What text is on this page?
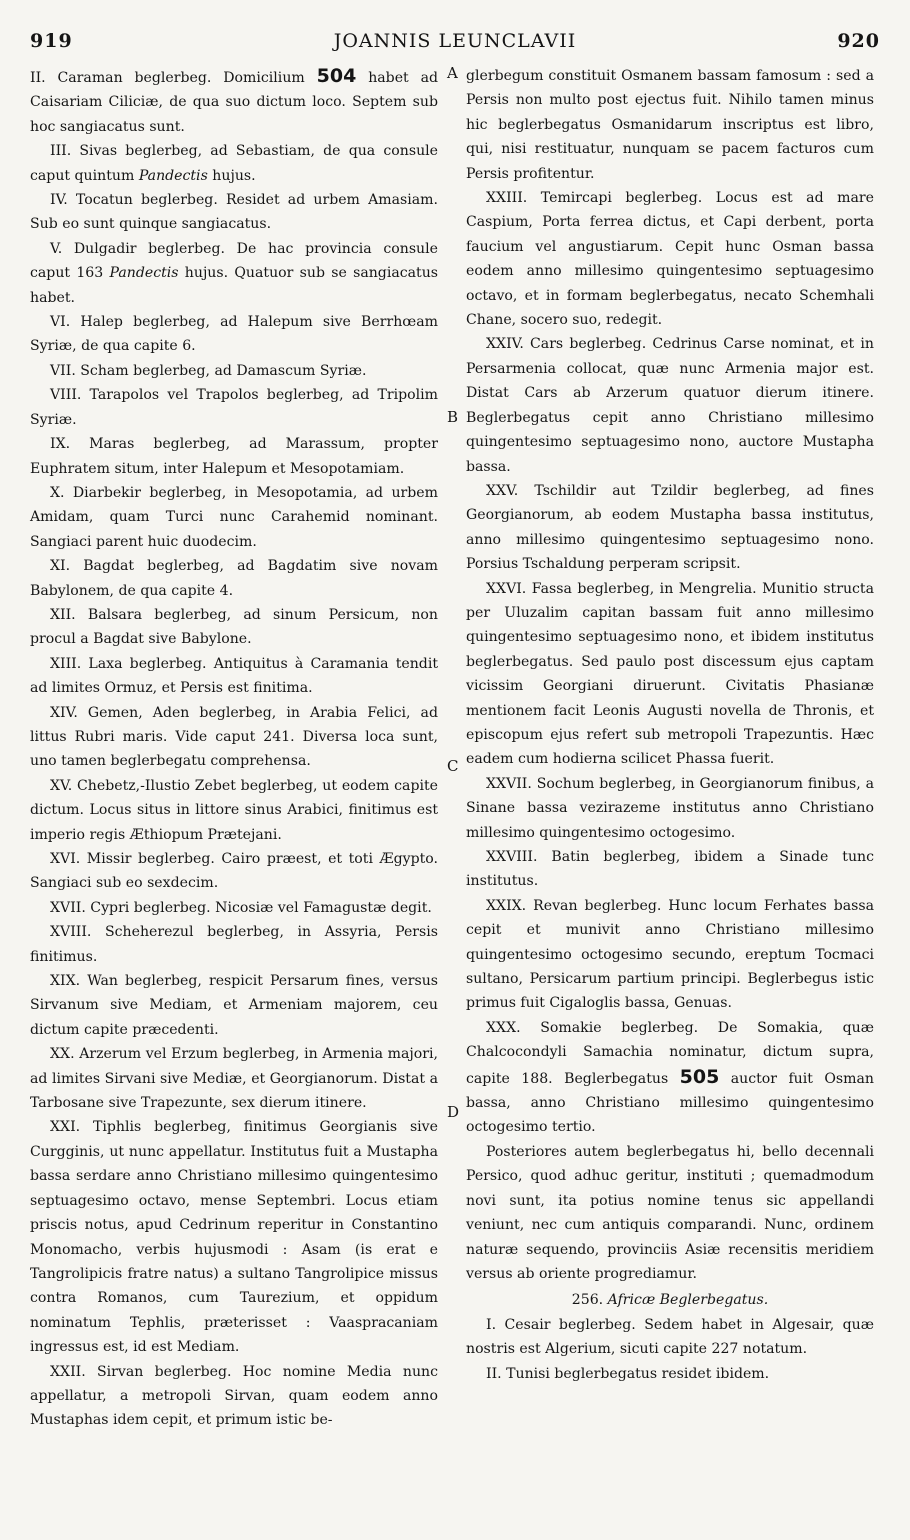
919	JOANNIS LEUNCLAVII	920
A
B
C
D

II. Caraman beglerbeg. Domicilium 504 habet ad Caisariam Ciliciæ, de qua suo dictum loco. Septem sub hoc sangiacatus sunt.

III. Sivas beglerbeg, ad Sebastiam, de qua consule caput quintum Pandectis hujus.

IV. Tocatun beglerbeg. Residet ad urbem Amasiam. Sub eo sunt quinque sangiacatus.

V. Dulgadir beglerbeg. De hac provincia consule caput 163 Pandectis hujus. Quatuor sub se sangiacatus habet.

VI. Halep beglerbeg, ad Halepum sive Berrhœam Syriæ, de qua capite 6.

VII. Scham beglerbeg, ad Damascum Syriæ.

VIII. Tarapolos vel Trapolos beglerbeg, ad Tripolim Syriæ.

IX. Maras beglerbeg, ad Marassum, propter Euphratem situm, inter Halepum et Mesopotamiam.

X. Diarbekir beglerbeg, in Mesopotamia, ad urbem Amidam, quam Turci nunc Carahemid nominant. Sangiaci parent huic duodecim.

XI. Bagdat beglerbeg, ad Bagdatim sive novam Babylonem, de qua capite 4.

XII. Balsara beglerbeg, ad sinum Persicum, non procul a Bagdat sive Babylone.

XIII. Laxa beglerbeg. Antiquitus à Caramania tendit ad limites Ormuz, et Persis est finitima.

XIV. Gemen, Aden beglerbeg, in Arabia Felici, ad littus Rubri maris. Vide caput 241. Diversa loca sunt, uno tamen beglerbegatu comprehensa.

XV. Chebetz,-Ilustio Zebet beglerbeg, ut eodem capite dictum. Locus situs in littore sinus Arabici, finitimus est imperio regis Æthiopum Prætejani.

XVI. Missir beglerbeg. Cairo præest, et toti Ægypto. Sangiaci sub eo sexdecim.

XVII. Cypri beglerbeg. Nicosiæ vel Famagustæ degit.

XVIII. Scheherezul beglerbeg, in Assyria, Persis finitimus.

XIX. Wan beglerbeg, respicit Persarum fines, versus Sirvanum sive Mediam, et Armeniam majorem, ceu dictum capite præcedenti.

XX. Arzerum vel Erzum beglerbeg, in Armenia majori, ad limites Sirvani sive Mediæ, et Georgianorum. Distat a Tarbosane sive Trapezunte, sex dierum itinere.

XXI. Tiphlis beglerbeg, finitimus Georgianis sive Curgginis, ut nunc appellatur. Institutus fuit a Mustapha bassa serdare anno Christiano millesimo quingentesimo septuagesimo octavo, mense Septembri. Locus etiam priscis notus, apud Cedrinum reperitur in Constantino Monomacho, verbis hujusmodi : Asam (is erat e Tangrolipicis fratre natus) a sultano Tangrolipice missus contra Romanos, cum Taurezium, et oppidum nominatum Tephlis, præterisset : Vaaspracaniam ingressus est, id est Mediam.

XXII. Sirvan beglerbeg. Hoc nomine Media nunc appellatur, a metropoli Sirvan, quam eodem anno Mustaphas idem cepit, et primum istic be-

glerbegum constituit Osmanem bassam famosum : sed a Persis non multo post ejectus fuit. Nihilo tamen minus hic beglerbegatus Osmanidarum inscriptus est libro, qui, nisi restituatur, nunquam se pacem facturos cum Persis profitentur.

XXIII. Temircapi beglerbeg. Locus est ad mare Caspium, Porta ferrea dictus, et Capi derbent, porta faucium vel angustiarum. Cepit hunc Osman bassa eodem anno millesimo quingentesimo septuagesimo octavo, et in formam beglerbegatus, necato Schemhali Chane, socero suo, redegit.

XXIV. Cars beglerbeg. Cedrinus Carse nominat, et in Persarmenia collocat, quæ nunc Armenia major est. Distat Cars ab Arzerum quatuor dierum itinere. Beglerbegatus cepit anno Christiano millesimo quingentesimo septuagesimo nono, auctore Mustapha bassa.

XXV. Tschildir aut Tzildir beglerbeg, ad fines Georgianorum, ab eodem Mustapha bassa institutus, anno millesimo quingentesimo septuagesimo nono. Porsius Tschaldung perperam scripsit.

XXVI. Fassa beglerbeg, in Mengrelia. Munitio structa per Uluzalim capitan bassam fuit anno millesimo quingentesimo septuagesimo nono, et ibidem institutus beglerbegatus. Sed paulo post discessum ejus captam vicissim Georgiani diruerunt. Civitatis Phasianæ mentionem facit Leonis Augusti novella de Thronis, et episcopum ejus refert sub metropoli Trapezuntis. Hæc eadem cum hodierna scilicet Phassa fuerit.

XXVII. Sochum beglerbeg, in Georgianorum finibus, a Sinane bassa vezirazeme institutus anno Christiano millesimo quingentesimo octogesimo.

XXVIII. Batin beglerbeg, ibidem a Sinade tunc institutus.

XXIX. Revan beglerbeg. Hunc locum Ferhates bassa cepit et munivit anno Christiano millesimo quingentesimo octogesimo secundo, ereptum Tocmaci sultano, Persicarum partium principi. Beglerbegus istic primus fuit Cigaloglis bassa, Genuas.

XXX. Somakie beglerbeg. De Somakia, quæ Chalcocondyli Samachia nominatur, dictum supra, capite 188. Beglerbegatus 505 auctor fuit Osman bassa, anno Christiano millesimo quingentesimo octogesimo tertio.

Posteriores autem beglerbegatus hi, bello decennali Persico, quod adhuc geritur, instituti ; quemadmodum novi sunt, ita potius nomine tenus sic appellandi veniunt, nec cum antiquis comparandi. Nunc, ordinem naturæ sequendo, provinciis Asiæ recensitis meridiem versus ab oriente progrediamur.

256. Africæ Beglerbegatus.

I. Cesair beglerbeg. Sedem habet in Algesair, quæ nostris est Algerium, sicuti capite 227 notatum.

II. Tunisi beglerbegatus residet ibidem.
